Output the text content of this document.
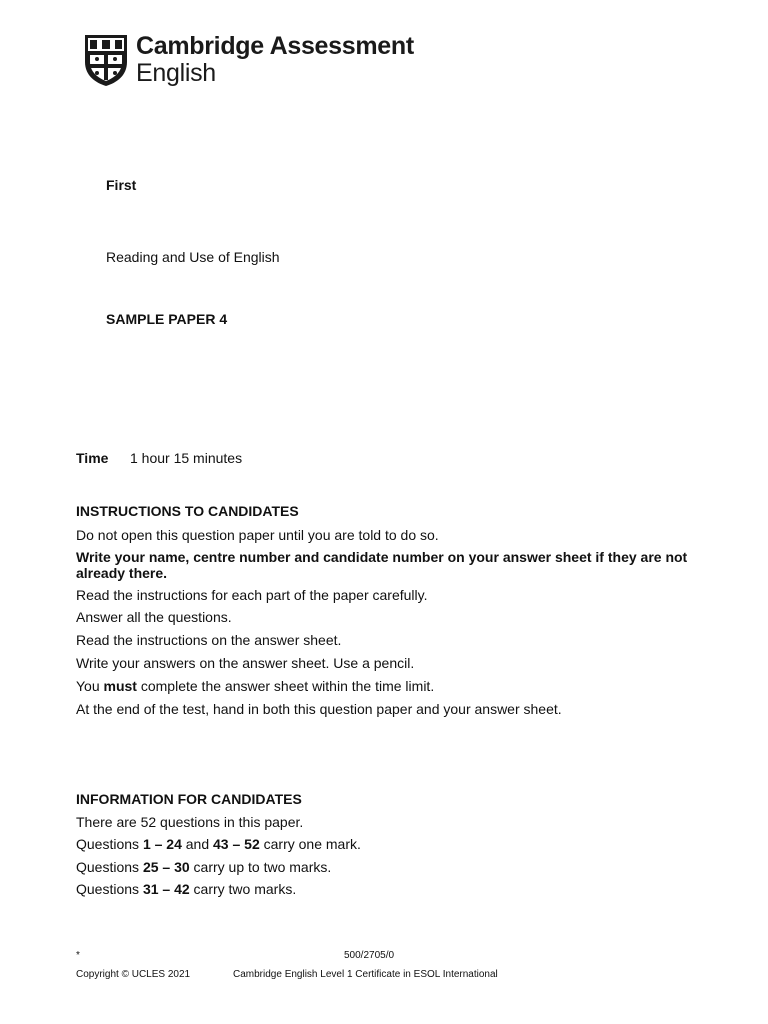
Cambridge Assessment
English
First
Reading and Use of English
SAMPLE PAPER 4
Time 1 hour 15 minutes
INSTRUCTIONS TO CANDIDATES
Do not open this question paper until you are told to do so.
Write your name, centre number and candidate number on your answer sheet if they are not already there.
Read the instructions for each part of the paper carefully.
Answer all the questions.
Read the instructions on the answer sheet.
Write your answers on the answer sheet. Use a pencil.
You must complete the answer sheet within the time limit.
At the end of the test, hand in both this question paper and your answer sheet.
INFORMATION FOR CANDIDATES
There are 52 questions in this paper.
Questions 1 – 24 and 43 – 52 carry one mark.
Questions 25 – 30 carry up to two marks.
Questions 31 – 42 carry two marks.
*	500/2705/0
Copyright © UCLES 2021	Cambridge English Level 1 Certificate in ESOL International
